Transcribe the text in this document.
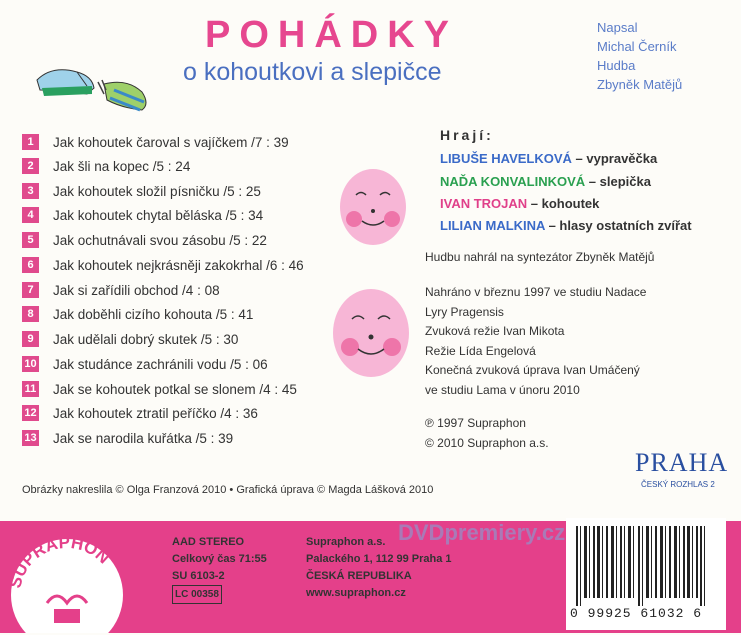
POHÁDKY
o kohoutkovi a slepičce
Napsal
Michal Černík
Hudba
Zbyněk Matějů
1	Jak kohoutek čaroval s vajíčkem /7 : 39
2	Jak šli na kopec /5 : 24
3	Jak kohoutek složil písničku /5 : 25
4	Jak kohoutek chytal běláska /5 : 34
5	Jak ochutnávali svou zásobu /5 : 22
6	Jak kohoutek nejkrásněji zakokrhal /6 : 46
7	Jak si zařídili obchod /4 : 08
8	Jak doběhli cizího kohouta /5 : 41
9	Jak udělali dobrý skutek /5 : 30
10 Jak studánce zachránili vodu /5 : 06
11 Jak se kohoutek potkal se slonem /4 : 45
12 Jak kohoutek ztratil peříčko /4 : 36
13 Jak se narodila kuřátka /5 : 39
Hrají:
LIBUŠE HAVELKOVÁ – vypravěčka
NAĎA KONVALINKOVÁ – slepička
IVAN TROJAN – kohoutek
LILIAN MALKINA – hlasy ostatních zvířat
Hudbu nahrál na syntezátor Zbyněk Matějů
Nahráno v březnu 1997 ve studiu Nadace
Lyry Pragensis
Zvuková režie Ivan Mikota
Režie Lída Engelová
Konečná zvuková úprava Ivan Umáčený
ve studiu Lama v únoru 2010
℗ 1997 Supraphon
© 2010 Supraphon a.s.
PRAHA
ČESKÝ ROZHLAS 2
Obrázky nakreslila © Olga Franzová 2010 • Grafická úprava © Magda Lášková 2010
SUPRAPHON
AAD STEREO
Celkový čas 71:55
SU 6103-2
LC 00358
Supraphon a.s.
Palackého 1, 112 99 Praha 1
ČESKÁ REPUBLIKA
www.supraphon.cz
0 99925 61032 6
DVDpremiery.cz
